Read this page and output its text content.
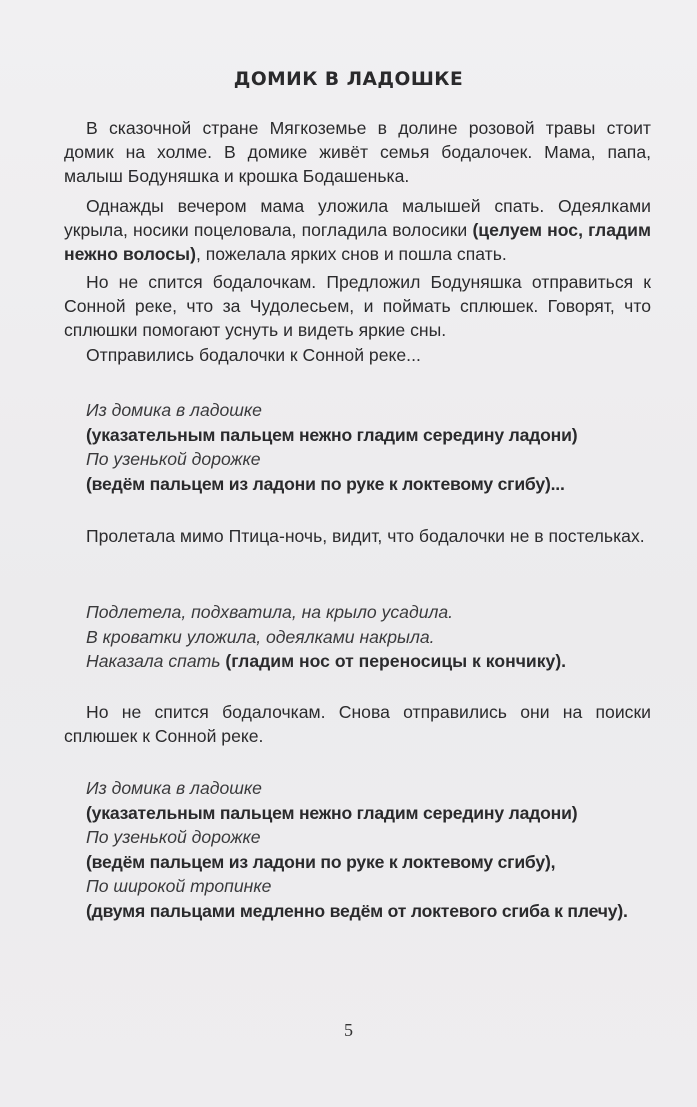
ДОМИК В ЛАДОШКЕ

В сказочной стране Мягкоземье в долине розовой травы стоит домик на холме. В домике живёт семья бодалочек. Мама, папа, малыш Бодуняшка и крошка Бодашенька.

Однажды вечером мама уложила малышей спать. Одеялками укрыла, носики поцеловала, погладила волосики (целуем нос, гладим нежно волосы), пожелала ярких снов и пошла спать.

Но не спится бодалочкам. Предложил Бодуняшка отправиться к Сонной реке, что за Чудолесьем, и поймать сплюшек. Говорят, что сплюшки помогают уснуть и видеть яркие сны.

Отправились бодалочки к Сонной реке...

Из домика в ладошке
(указательным пальцем нежно гладим середину ладони)
По узенькой дорожке
(ведём пальцем из ладони по руке к локтевому сгибу)...

Пролетала мимо Птица-ночь, видит, что бодалочки не в постельках.

Подлетела, подхватила, на крыло усадила.
В кроватки уложила, одеялками накрыла.
Наказала спать (гладим нос от переносицы к кончику).

Но не спится бодалочкам. Снова отправились они на поиски сплюшек к Сонной реке.

Из домика в ладошке
(указательным пальцем нежно гладим середину ладони)
По узенькой дорожке
(ведём пальцем из ладони по руке к локтевому сгибу),
По широкой тропинке
(двумя пальцами медленно ведём от локтевого сгиба к плечу).
5
